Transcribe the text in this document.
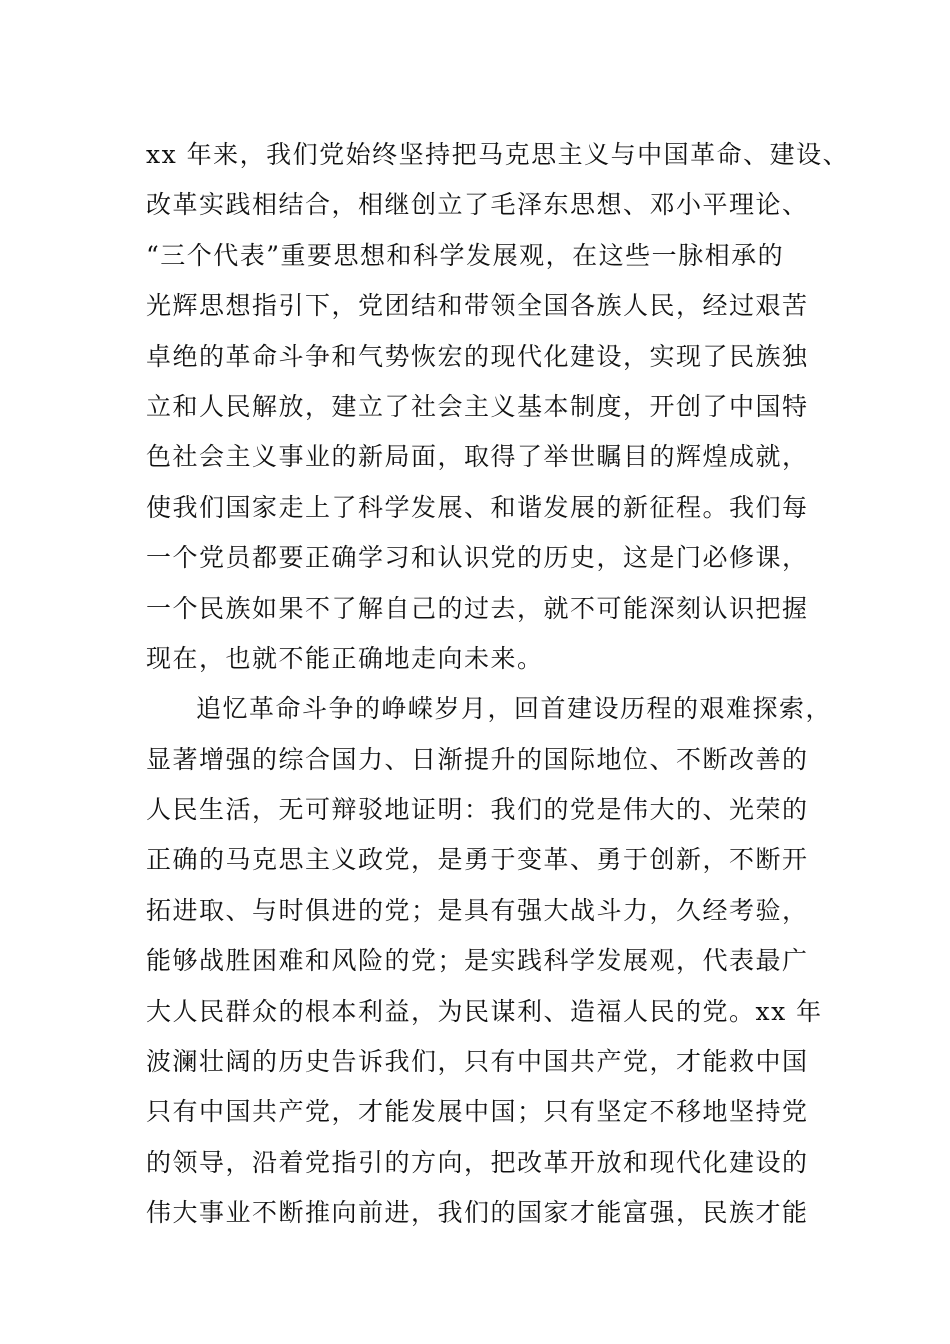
xx 年来，我们党始终坚持把马克思主义与中国革命、建设、
改革实践相结合，相继创立了毛泽东思想、邓小平理论、
“三个代表”重要思想和科学发展观，在这些一脉相承的
光辉思想指引下，党团结和带领全国各族人民，经过艰苦
卓绝的革命斗争和气势恢宏的现代化建设，实现了民族独
立和人民解放，建立了社会主义基本制度，开创了中国特
色社会主义事业的新局面，取得了举世瞩目的辉煌成就，
使我们国家走上了科学发展、和谐发展的新征程。我们每
一个党员都要正确学习和认识党的历史，这是门必修课，
一个民族如果不了解自己的过去，就不可能深刻认识把握
现在，也就不能正确地走向未来。
追忆革命斗争的峥嵘岁月，回首建设历程的艰难探索，
显著增强的综合国力、日渐提升的国际地位、不断改善的
人民生活，无可辩驳地证明：我们的党是伟大的、光荣的
正确的马克思主义政党，是勇于变革、勇于创新，不断开
拓进取、与时俱进的党；是具有强大战斗力，久经考验，
能够战胜困难和风险的党；是实践科学发展观，代表最广
大人民群众的根本利益，为民谋利、造福人民的党。xx 年
波澜壮阔的历史告诉我们，只有中国共产党，才能救中国
只有中国共产党，才能发展中国；只有坚定不移地坚持党
的领导，沿着党指引的方向，把改革开放和现代化建设的
伟大事业不断推向前进，我们的国家才能富强，民族才能
